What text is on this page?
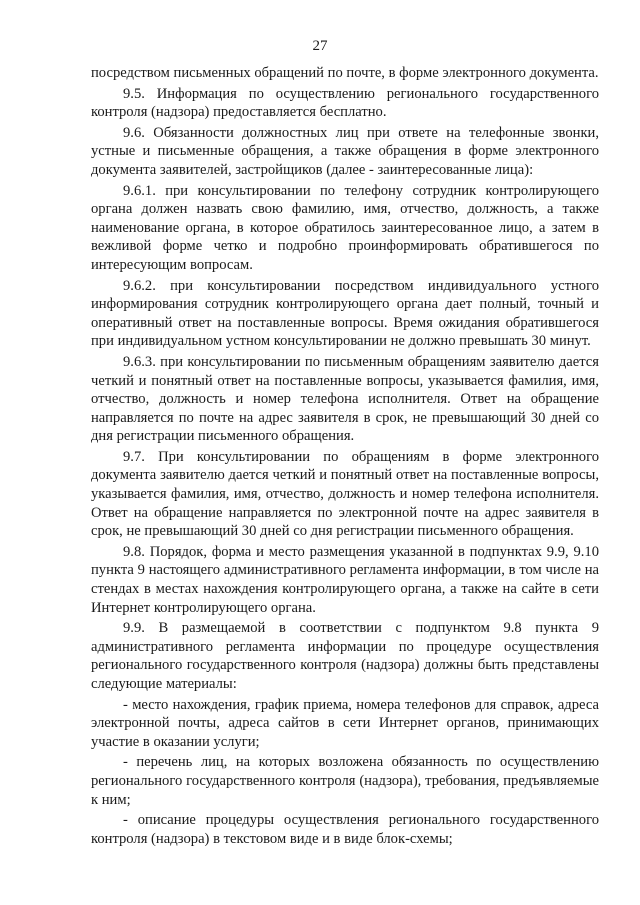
27

посредством письменных обращений по почте, в форме электронного документа.

9.5. Информация по осуществлению регионального государственного контроля (надзора) предоставляется бесплатно.

9.6. Обязанности должностных лиц при ответе на телефонные звонки, устные и письменные обращения, а также обращения в форме электронного документа заявителей, застройщиков (далее - заинтересованные лица):

9.6.1. при консультировании по телефону сотрудник контролирующего органа должен назвать свою фамилию, имя, отчество, должность, а также наименование органа, в которое обратилось заинтересованное лицо, а затем в вежливой форме четко и подробно проинформировать обратившегося по интересующим вопросам.

9.6.2. при консультировании посредством индивидуального устного информирования сотрудник контролирующего органа дает полный, точный и оперативный ответ на поставленные вопросы. Время ожидания обратившегося при индивидуальном устном консультировании не должно превышать 30 минут.

9.6.3. при консультировании по письменным обращениям заявителю дается четкий и понятный ответ на поставленные вопросы, указывается фамилия, имя, отчество, должность и номер телефона исполнителя. Ответ на обращение направляется по почте на адрес заявителя в срок, не превышающий 30 дней со дня регистрации письменного обращения.

9.7. При консультировании по обращениям в форме электронного документа заявителю дается четкий и понятный ответ на поставленные вопросы, указывается фамилия, имя, отчество, должность и номер телефона исполнителя. Ответ на обращение направляется по электронной почте на адрес заявителя в срок, не превышающий 30 дней со дня регистрации письменного обращения.

9.8. Порядок, форма и место размещения указанной в подпунктах 9.9, 9.10 пункта 9 настоящего административного регламента информации, в том числе на стендах в местах нахождения контролирующего органа, а также на сайте в сети Интернет контролирующего органа.

9.9. В размещаемой в соответствии с подпунктом 9.8 пункта 9 административного регламента информации по процедуре осуществления регионального государственного контроля (надзора) должны быть представлены следующие материалы:

- место нахождения, график приема, номера телефонов для справок, адреса электронной почты, адреса сайтов в сети Интернет органов, принимающих участие в оказании услуги;

- перечень лиц, на которых возложена обязанность по осуществлению регионального государственного контроля (надзора), требования, предъявляемые к ним;

- описание процедуры осуществления регионального государственного контроля (надзора) в текстовом виде и в виде блок-схемы;
